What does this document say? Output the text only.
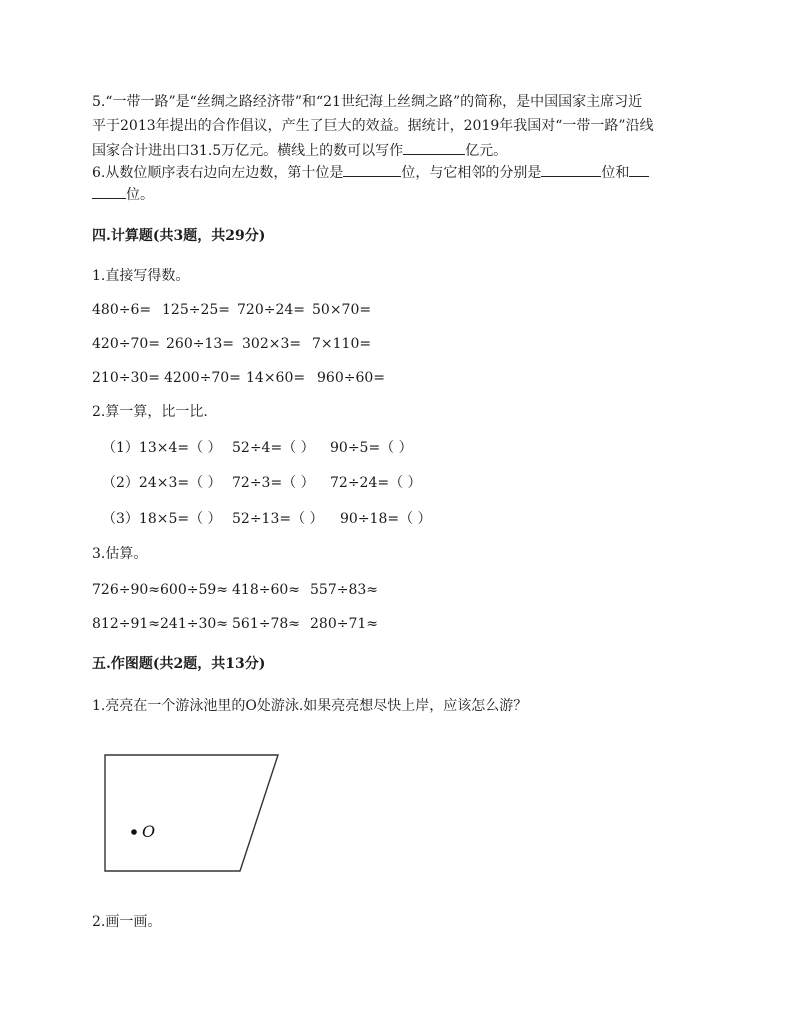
5.“一带一路”是“丝绸之路经济带”和“21世纪海上丝绸之路”的简称，是中国国家主席习近
平于2013年提出的合作倡议，产生了巨大的效益。据统计，2019年我国对“一带一路”沿线
国家合计进出口31.5万亿元。横线上的数可以写作	亿元。
6.从数位顺序表右边向左边数，第十位是	位，与它相邻的分别是	位和
位。
四.计算题(共3题，共29分)
1.直接写得数。
480÷6= 125÷25= 720÷24= 50×70=
420÷70= 260÷13= 302×3= 7×110=
210÷30= 4200÷70= 14×60= 960÷60=
2.算一算，比一比.
（1）13×4=（ ） 52÷4=（ ） 90÷5=（ ）
（2）24×3=（ ） 72÷3=（ ） 72÷24=（ ）
（3）18×5=（ ） 52÷13=（ ） 90÷18=（ ）
3.估算。
726÷90≈ 600÷59≈ 418÷60≈ 557÷83≈
812÷91≈ 241÷30≈ 561÷78≈ 280÷71≈
五.作图题(共2题，共13分)
1.亮亮在一个游泳池里的O处游泳.如果亮亮想尽快上岸，应该怎么游？
O
2.画一画。
